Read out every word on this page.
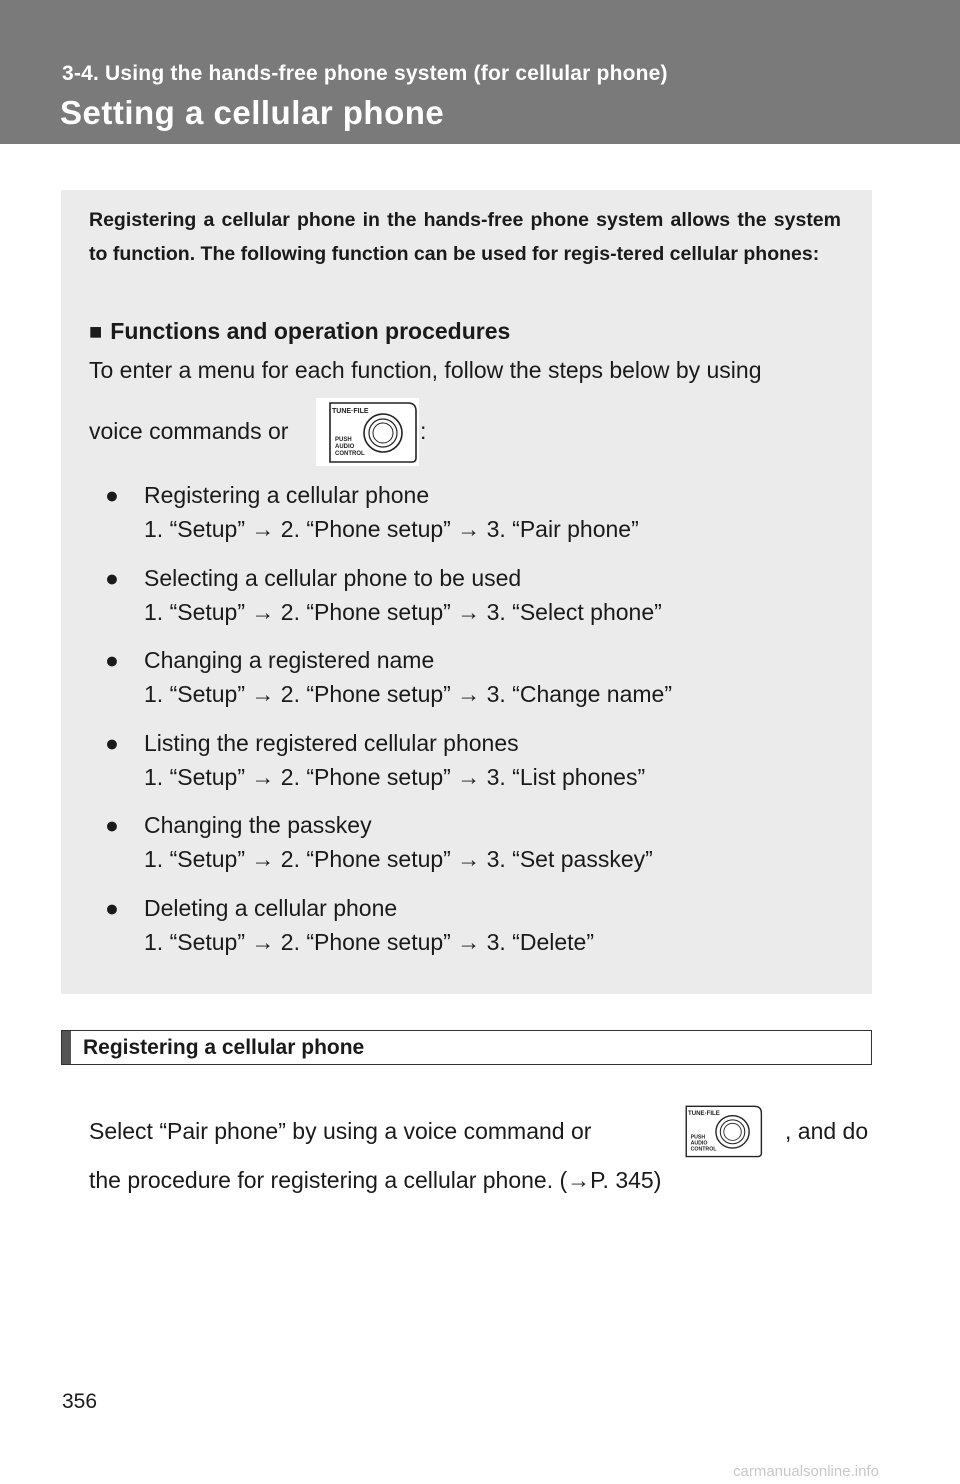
3-4. Using the hands-free phone system (for cellular phone)
Setting a cellular phone
Registering a cellular phone in the hands-free phone system allows the system to function. The following function can be used for regis-tered cellular phones:
■ Functions and operation procedures
To enter a menu for each function, follow the steps below by using
voice commands or	:
TUNE·FILE
PUSH
AUDIO
CONTROL
● Registering a cellular phone
1. “Setup” → 2. “Phone setup” → 3. “Pair phone”
● Selecting a cellular phone to be used
1. “Setup” → 2. “Phone setup” → 3. “Select phone”
● Changing a registered name
1. “Setup” → 2. “Phone setup” → 3. “Change name”
● Listing the registered cellular phones
1. “Setup” → 2. “Phone setup” → 3. “List phones”
● Changing the passkey
1. “Setup” → 2. “Phone setup” → 3. “Set passkey”
● Deleting a cellular phone
1. “Setup” → 2. “Phone setup” → 3. “Delete”
Registering a cellular phone
Select “Pair phone” by using a voice command or
TUNE·FILE
PUSH
AUDIO
CONTROL
, and do
the procedure for registering a cellular phone. (→P. 345)
356
carmanualsonline.info
